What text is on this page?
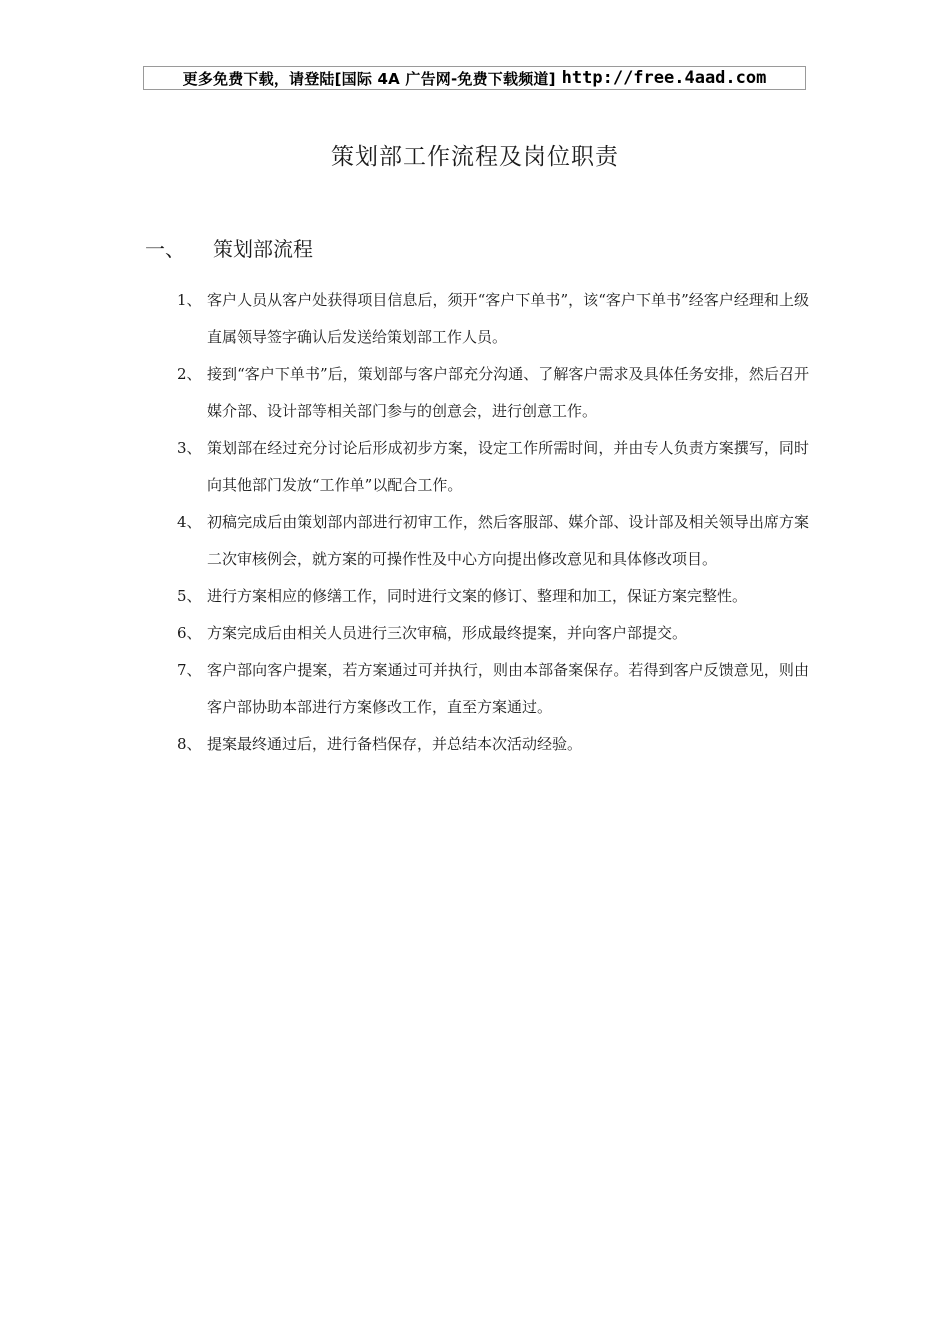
更多免费下载，请登陆[国际 4A 广告网-免费下载频道] http://free.4aad.com
策划部工作流程及岗位职责
一、	策划部流程
1、 客户人员从客户处获得项目信息后，须开“客户下单书”，该“客户下单书”经客户经理和上级直属领导签字确认后发送给策划部工作人员。
2、 接到“客户下单书”后，策划部与客户部充分沟通、了解客户需求及具体任务安排，然后召开媒介部、设计部等相关部门参与的创意会，进行创意工作。
3、 策划部在经过充分讨论后形成初步方案，设定工作所需时间，并由专人负责方案撰写，同时向其他部门发放“工作单”以配合工作。
4、 初稿完成后由策划部内部进行初审工作，然后客服部、媒介部、设计部及相关领导出席方案二次审核例会，就方案的可操作性及中心方向提出修改意见和具体修改项目。
5、 进行方案相应的修缮工作，同时进行文案的修订、整理和加工，保证方案完整性。
6、 方案完成后由相关人员进行三次审稿，形成最终提案，并向客户部提交。
7、 客户部向客户提案，若方案通过可并执行，则由本部备案保存。若得到客户反馈意见，则由客户部协助本部进行方案修改工作，直至方案通过。
8、 提案最终通过后，进行备档保存，并总结本次活动经验。
